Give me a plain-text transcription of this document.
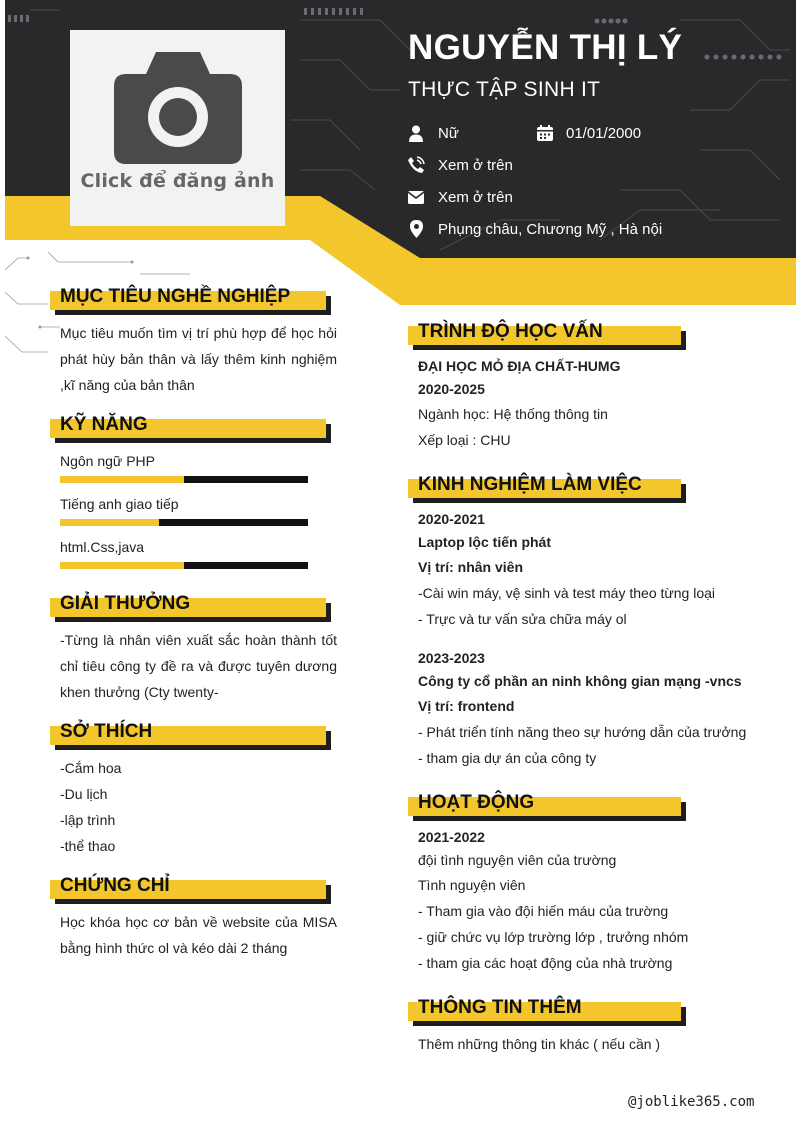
Click để đăng ảnh
NGUYỄN THỊ LÝ
THỰC TẬP SINH IT
Nữ	01/01/2000
Xem ở trên
Xem ở trên
Phụng châu, Chương Mỹ , Hà nội
MỤC TIÊU NGHỀ NGHIỆP
Mục tiêu muốn tìm vị trí phù hợp để học hỏi phát hùy bản thân và lấy thêm kinh nghiệm ,kĩ năng của bản thân
KỸ NĂNG
Ngôn ngữ PHP
Tiếng anh giao tiếp
html.Css,java
GIẢI THƯỞNG
-Từng là nhân viên xuất sắc hoàn thành tốt chỉ tiêu công ty đề ra và được tuyên dương khen thưởng (Cty twenty-
SỞ THÍCH
-Cắm hoa
-Du lịch
-lập trình
-thể thao
CHỨNG CHỈ
Học khóa học cơ bản về website của MISA bằng hình thức ol và kéo dài 2 tháng
TRÌNH ĐỘ HỌC VẤN
ĐẠI HỌC MỎ ĐỊA CHẤT-HUMG
2020-2025
Ngành học: Hệ thống thông tin
Xếp loại : CHU
KINH NGHIỆM LÀM VIỆC
2020-2021
Laptop lộc tiến phát
Vị trí: nhân viên
-Cài win máy, vệ sinh và test máy theo từng loại
- Trực và tư vấn sửa chữa máy ol
2023-2023
Công ty cổ phần an ninh không gian mạng -vncs
Vị trí: frontend
- Phát triển tính năng theo sự hướng dẫn của trưởng
- tham gia dự án của công ty
HOẠT ĐỘNG
2021-2022
đội tình nguyện viên của trường
Tình nguyện viên
- Tham gia vào đội hiến máu của trường
- giữ chức vụ lớp trường lớp , trưởng nhóm
- tham gia các hoạt động của nhà trường
THÔNG TIN THÊM
Thêm những thông tin khác ( nếu cần )
@joblike365.com
